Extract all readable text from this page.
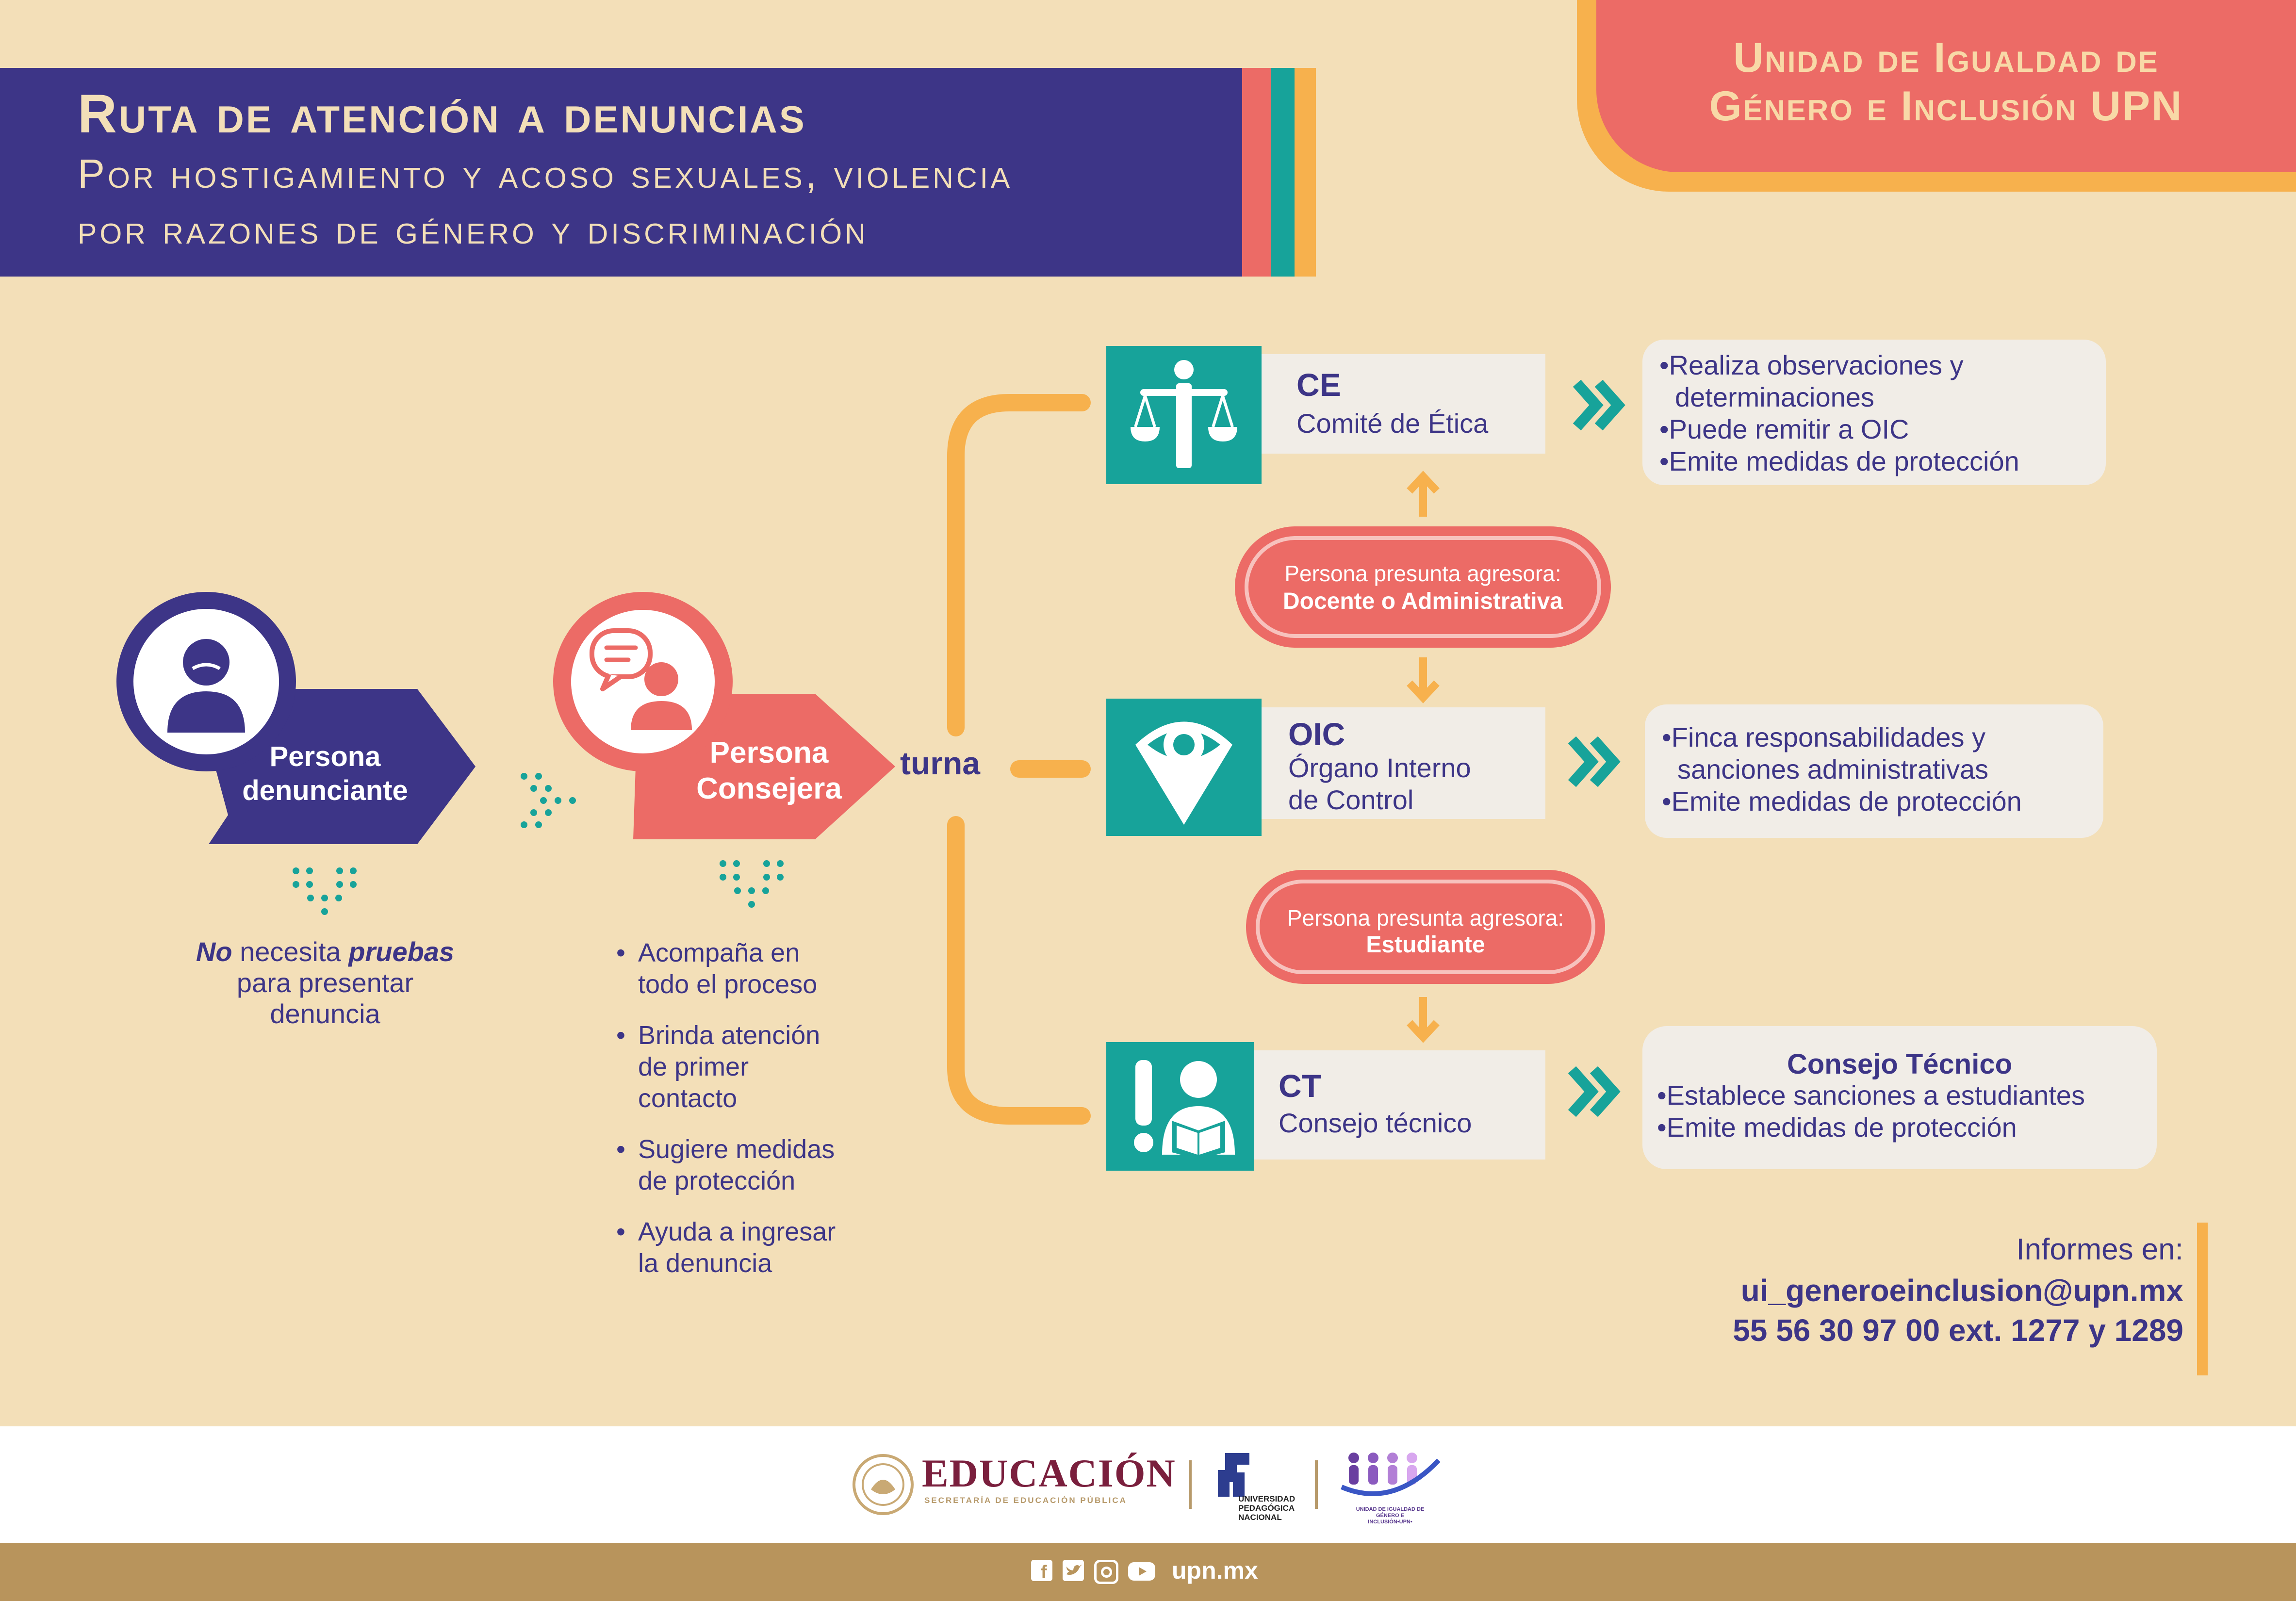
Ruta de atención a denuncias
Por hostigamiento y acoso sexuales, violencia
por razones de género y discriminación
Unidad de Igualdad de
Género e Inclusión UPN
Persona
denunciante
No necesita pruebas
para presentar
denuncia
Persona
Consejera
turna
• Acompaña en
todo el proceso
• Brinda atención
de primer
contacto
• Sugiere medidas
de protección
• Ayuda a ingresar
la denuncia
CE
Comité de Ética
•Realiza observaciones y
determinaciones
•Puede remitir a OIC
•Emite medidas de protección
Persona presunta agresora:
Docente o Administrativa
OIC
Órgano Interno
de Control
•Finca responsabilidades y
sanciones administrativas
•Emite medidas de protección
Persona presunta agresora:
Estudiante
CT
Consejo técnico
Consejo Técnico
•Establece sanciones a estudiantes
•Emite medidas de protección
Informes en:
ui_generoeinclusion@upn.mx
55 56 30 97 00 ext. 1277 y 1289
EDUCACIÓN
SECRETARÍA DE EDUCACIÓN PÚBLICA	UNIVERSIDAD
PEDAGÓGICA
NACIONAL
UNIDAD DE IGUALDAD DE
GÉNERO E INCLUSIÓN•UPN•
f	upn.mx
